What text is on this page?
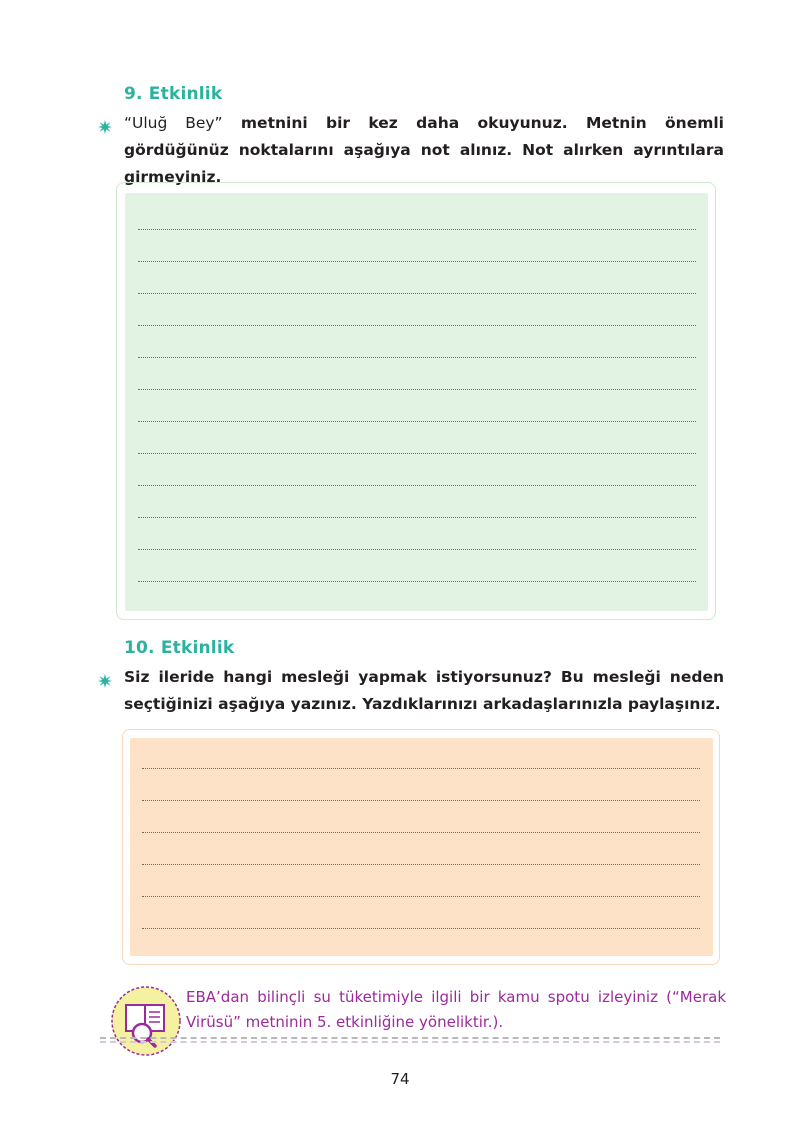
9. Etkinlik
“Uluğ Bey” metnini bir kez daha okuyunuz. Metnin önemli gördüğünüz noktalarını aşağıya not alınız. Not alırken ayrıntılara girmeyiniz.
10. Etkinlik
Siz ileride hangi mesleği yapmak istiyorsunuz? Bu mesleği neden seçtiğinizi aşağıya yazınız. Yazdıklarınızı arkadaşlarınızla paylaşınız.
EBA’dan bilinçli su tüketimiyle ilgili bir kamu spotu izleyiniz (“Merak Virüsü” metninin 5. etkinliğine yöneliktir.).
74
